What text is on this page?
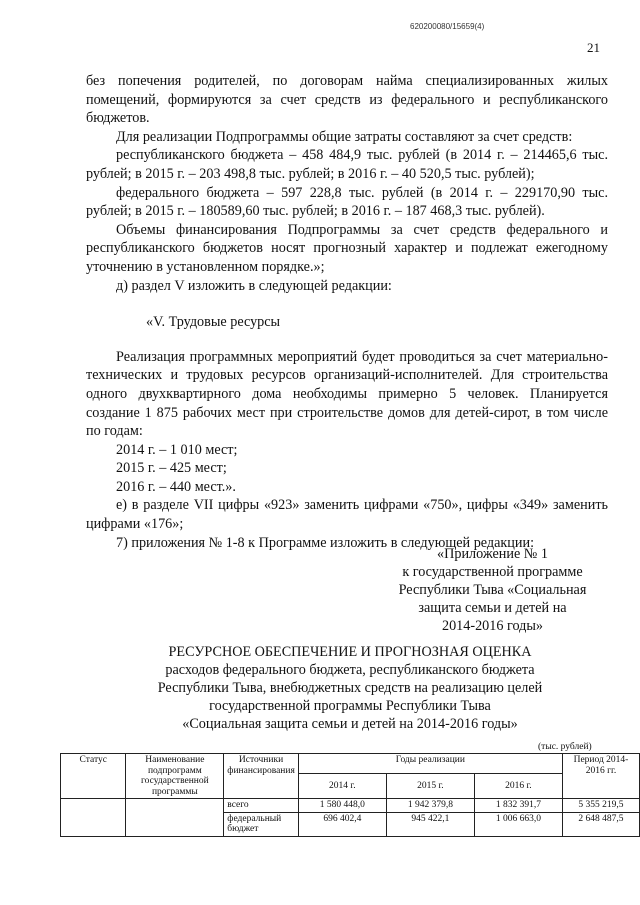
620200080/15659(4)
21

без попечения родителей, по договорам найма специализированных жилых помещений, формируются за счет средств из федерального и республиканского бюджетов.

Для реализации Подпрограммы общие затраты составляют за счет средств:

республиканского бюджета – 458 484,9 тыс. рублей (в 2014 г. – 214465,6 тыс. рублей; в 2015 г. – 203 498,8 тыс. рублей; в 2016 г. – 40 520,5 тыс. рублей);

федерального бюджета – 597 228,8 тыс. рублей (в 2014 г. – 229170,90 тыс. рублей; в 2015 г. – 180589,60 тыс. рублей; в 2016 г. – 187 468,3 тыс. рублей).

Объемы финансирования Подпрограммы за счет средств федерального и республиканского бюджетов носят прогнозный характер и подлежат ежегодному уточнению в установленном порядке.»;

д) раздел V изложить в следующей редакции:

«V. Трудовые ресурсы

Реализация программных мероприятий будет проводиться за счет материально-технических и трудовых ресурсов организаций-исполнителей. Для строительства одного двухквартирного дома необходимы примерно 5 человек. Планируется создание 1 875 рабочих мест при строительстве домов для детей-сирот, в том числе по годам:

2014 г. – 1 010 мест;

2015 г. – 425 мест;

2016 г. – 440 мест.».

е) в разделе VII цифры «923» заменить цифрами «750», цифры «349» заменить цифрами «176»;

7) приложения № 1-8 к Программе изложить в следующей редакции:

«Приложение № 1
к государственной программе
Республики Тыва «Социальная
защита семьи и детей на
2014-2016 годы»
РЕСУРСНОЕ ОБЕСПЕЧЕНИЕ И ПРОГНОЗНАЯ ОЦЕНКА
расходов федерального бюджета, республиканского бюджета
Республики Тыва, внебюджетных средств на реализацию целей
государственной программы Республики Тыва
«Социальная защита семьи и детей на 2014-2016 годы»
(тыс. рублей)
Статус	Наименование подпрограмм государственной программы	Источники финансирования	Годы реализации			Период 2014-2016 гг.
			2014 г.	2015 г.	2016 г.	
		всего	1 580 448,0	1 942 379,8	1 832 391,7	5 355 219,5
		федеральный бюджет	696 402,4	945 422,1	1 006 663,0	2 648 487,5
